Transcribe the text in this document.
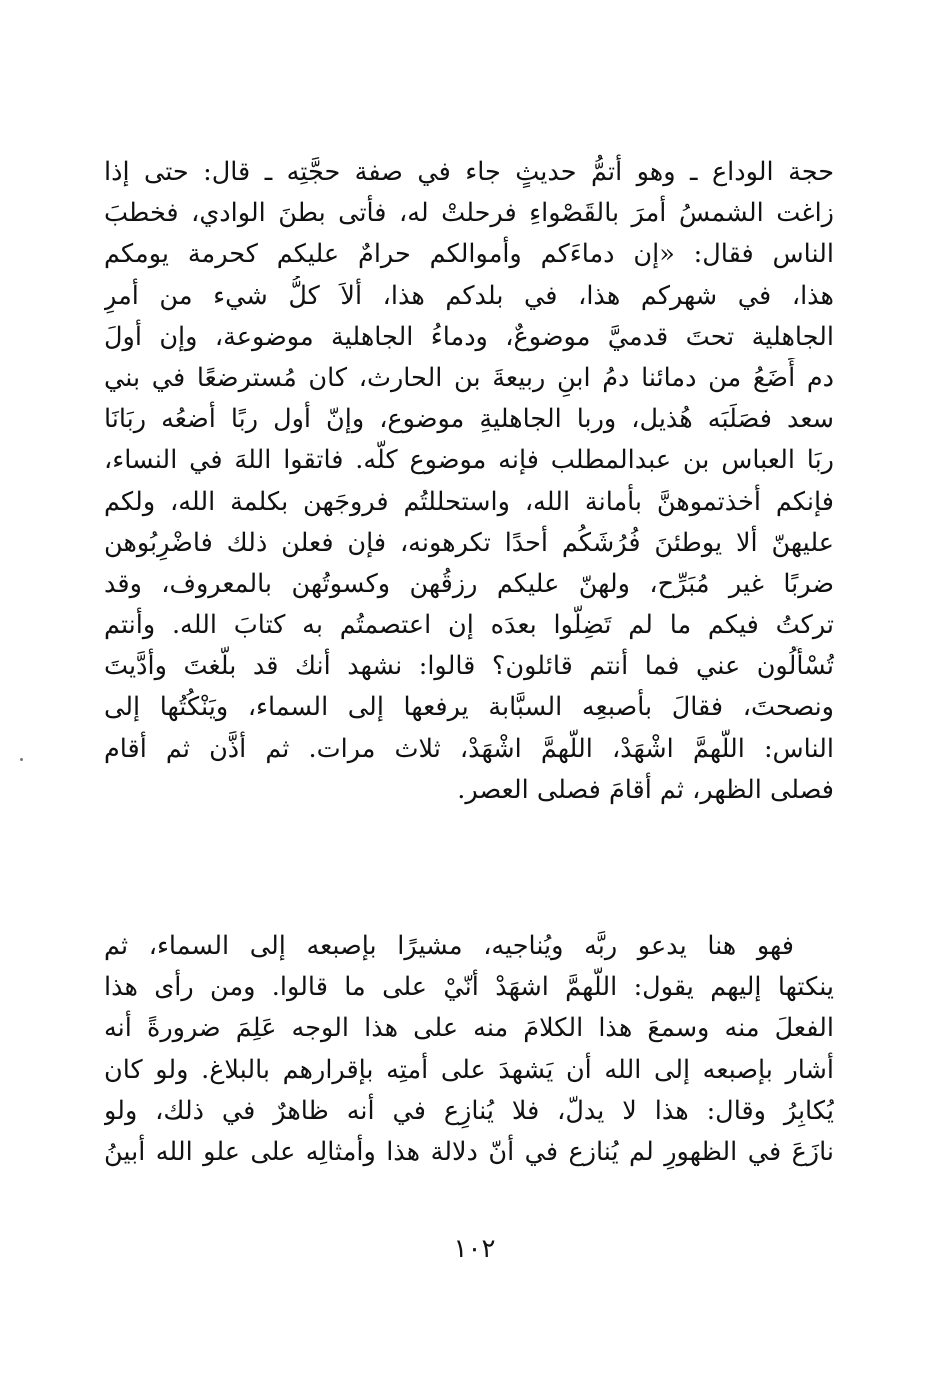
حجة الوداع ـ وهو أتمُّ حديثٍ جاء في صفة حجَّتِه ـ قال: حتى إذا
زاغت الشمسُ أمرَ بالقَصْواءِ فرحلتْ له، فأتى بطنَ الوادي، فخطبَ
الناس فقال: «إن دماءَكم وأموالكم حرامٌ عليكم كحرمة يومكم
هذا، في شهركم هذا، في بلدكم هذا، ألاَ كلُّ شيء من أمرِ
الجاهلية تحتَ قدميَّ موضوعٌ، ودماءُ الجاهلية موضوعة، وإن أولَ
دم أَضَعُ من دمائنا دمُ ابنِ ربيعةَ بن الحارث، كان مُسترضعًا في بني
سعد فصَلَبَه هُذيل، وربا الجاهليةِ موضوع، وإنّ أول ربًا أضعُه ربَانَا
ربَا العباس بن عبدالمطلب فإنه موضوع كلُّه. فاتقوا اللهَ في النساء،
فإنكم أخذتموهنَّ بأمانة الله، واستحللتُم فروجَهن بكلمة الله، ولكم
عليهنّ ألا يوطئنَ فُرُشَكُم أحدًا تكرهونه، فإن فعلن ذلك فاضْرِبُوهن
ضربًا غير مُبَرِّح، ولهنّ عليكم رزقُهن وكسوتُهن بالمعروف، وقد
تركتُ فيكم ما لم تَضِلُّوا بعدَه إن اعتصمتُم به كتابَ الله. وأنتم
تُسْأَلُون عني فما أنتم قائلون؟ قالوا: نشهد أنك قد بلَّغتَ وأدَّيتَ
ونصحتَ، فقالَ بأصبعِه السبَّابة يرفعها إلى السماء، ويَنْكُتُها إلى
الناس: اللّهمَّ اشْهَدْ، اللّهمَّ اشْهَدْ، ثلاث مرات. ثم أذَّن ثم أقام
فصلى الظهر، ثم أقامَ فصلى العصر.
فهو هنا يدعو ربَّه ويُناجيه، مشيرًا بإصبعه إلى السماء، ثم
ينكتها إليهم يقول: اللّهمَّ اشهَدْ أنّيْ على ما قالوا. ومن رأى هذا
الفعلَ منه وسمعَ هذا الكلامَ منه على هذا الوجه عَلِمَ ضرورةً أنه
أشار بإصبعه إلى الله أن يَشهدَ على أمتِه بإقرارهم بالبلاغ. ولو كان
يُكابِرُ وقال: هذا لا يدلّ، فلا يُنازِع في أنه ظاهرٌ في ذلك، ولو
نازَعَ في الظهورِ لم يُنازع في أنّ دلالة هذا وأمثالِه على علو الله أبينُ
١٠٢
